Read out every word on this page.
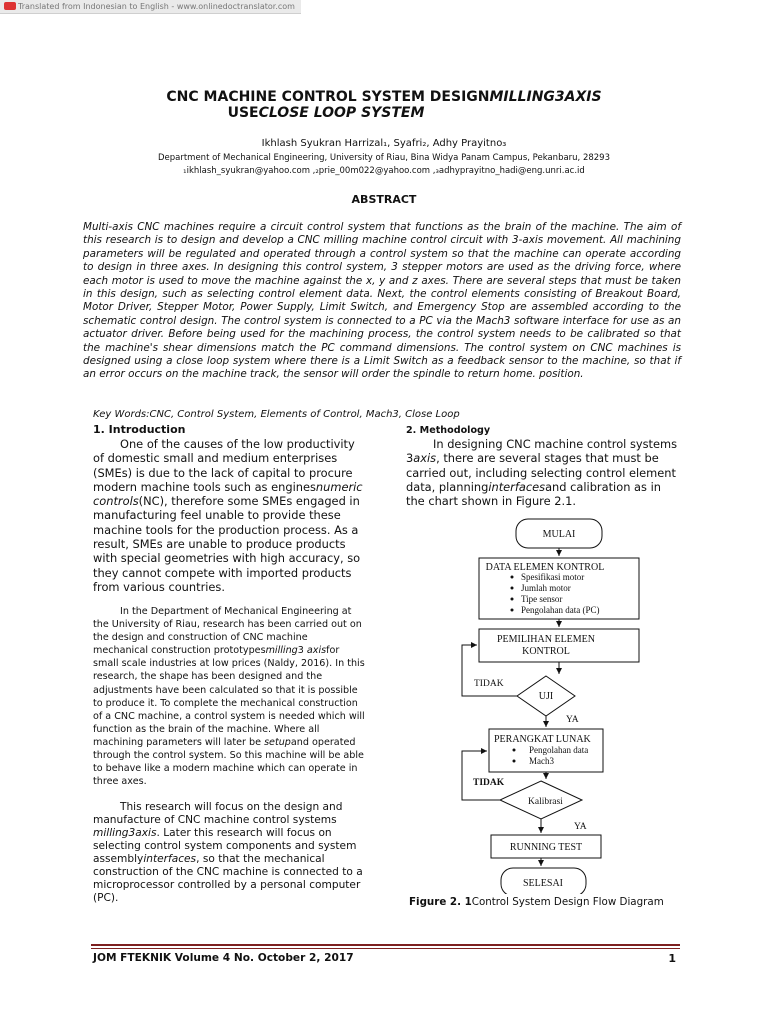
Translated from Indonesian to English - www.onlinedoctranslator.com
CNC MACHINE CONTROL SYSTEM DESIGNMILLING3AXIS
USECLOSE LOOP SYSTEM
Ikhlash Syukran Harrizal₁, Syafri₂, Adhy Prayitno₃
Department of Mechanical Engineering, University of Riau, Bina Widya Panam Campus, Pekanbaru, 28293
₁ikhlash_syukran@yahoo.com ,₂prie_00m022@yahoo.com ,₃adhyprayitno_hadi@eng.unri.ac.id
ABSTRACT
Multi-axis CNC machines require a circuit control system that functions as the brain of the machine. The aim of this research is to design and develop a CNC milling machine control circuit with 3-axis movement. All machining parameters will be regulated and operated through a control system so that the machine can operate according to design in three axes. In designing this control system, 3 stepper motors are used as the driving force, where each motor is used to move the machine against the x, y and z axes. There are several steps that must be taken in this design, such as selecting control element data. Next, the control elements consisting of Breakout Board, Motor Driver, Stepper Motor, Power Supply, Limit Switch, and Emergency Stop are assembled according to the schematic control design. The control system is connected to a PC via the Mach3 software interface for use as an actuator driver. Before being used for the machining process, the control system needs to be calibrated so that the machine's shear dimensions match the PC command dimensions. The control system on CNC machines is designed using a close loop system where there is a Limit Switch as a feedback sensor to the machine, so that if an error occurs on the machine track, the sensor will order the spindle to return home. position.
Key Words:CNC, Control System, Elements of Control, Mach3, Close Loop
1. Introduction
One of the causes of the low productivity of domestic small and medium enterprises (SMEs) is due to the lack of capital to procure modern machine tools such as enginesnumeric controls(NC), therefore some SMEs engaged in manufacturing feel unable to provide these machine tools for the production process. As a result, SMEs are unable to produce products with special geometries with high accuracy, so they cannot compete with imported products from various countries.
In the Department of Mechanical Engineering at the University of Riau, research has been carried out on the design and construction of CNC machine mechanical construction prototypesmilling3 axisfor small scale industries at low prices (Naldy, 2016). In this research, the shape has been designed and the adjustments have been calculated so that it is possible to produce it. To complete the mechanical construction of a CNC machine, a control system is needed which will function as the brain of the machine. Where all machining parameters will later be setupand operated through the control system. So this machine will be able to behave like a modern machine which can operate in three axes.
This research will focus on the design and manufacture of CNC machine control systems milling3axis. Later this research will focus on selecting control system components and system assemblyinterfaces, so that the mechanical construction of the CNC machine is connected to a microprocessor controlled by a personal computer (PC).
2. Methodology
In designing CNC machine control systems 3axis, there are several stages that must be carried out, including selecting control element data, planninginterfacesand calibration as in the chart shown in Figure 2.1.
MULAI
DATA ELEMEN KONTROL
Spesifikasi motor
Jumlah motor
Tipe sensor
Pengolahan data (PC)
PEMILIHAN ELEMEN
KONTROL
UJI
TIDAK
YA
PERANGKAT LUNAK
Pengolahan data
Mach3
TIDAK
Kalibrasi
YA
RUNNING TEST
SELESAI
Figure 2. 1Control System Design Flow Diagram
JOM FTEKNIK Volume 4 No. October 2, 2017	1
